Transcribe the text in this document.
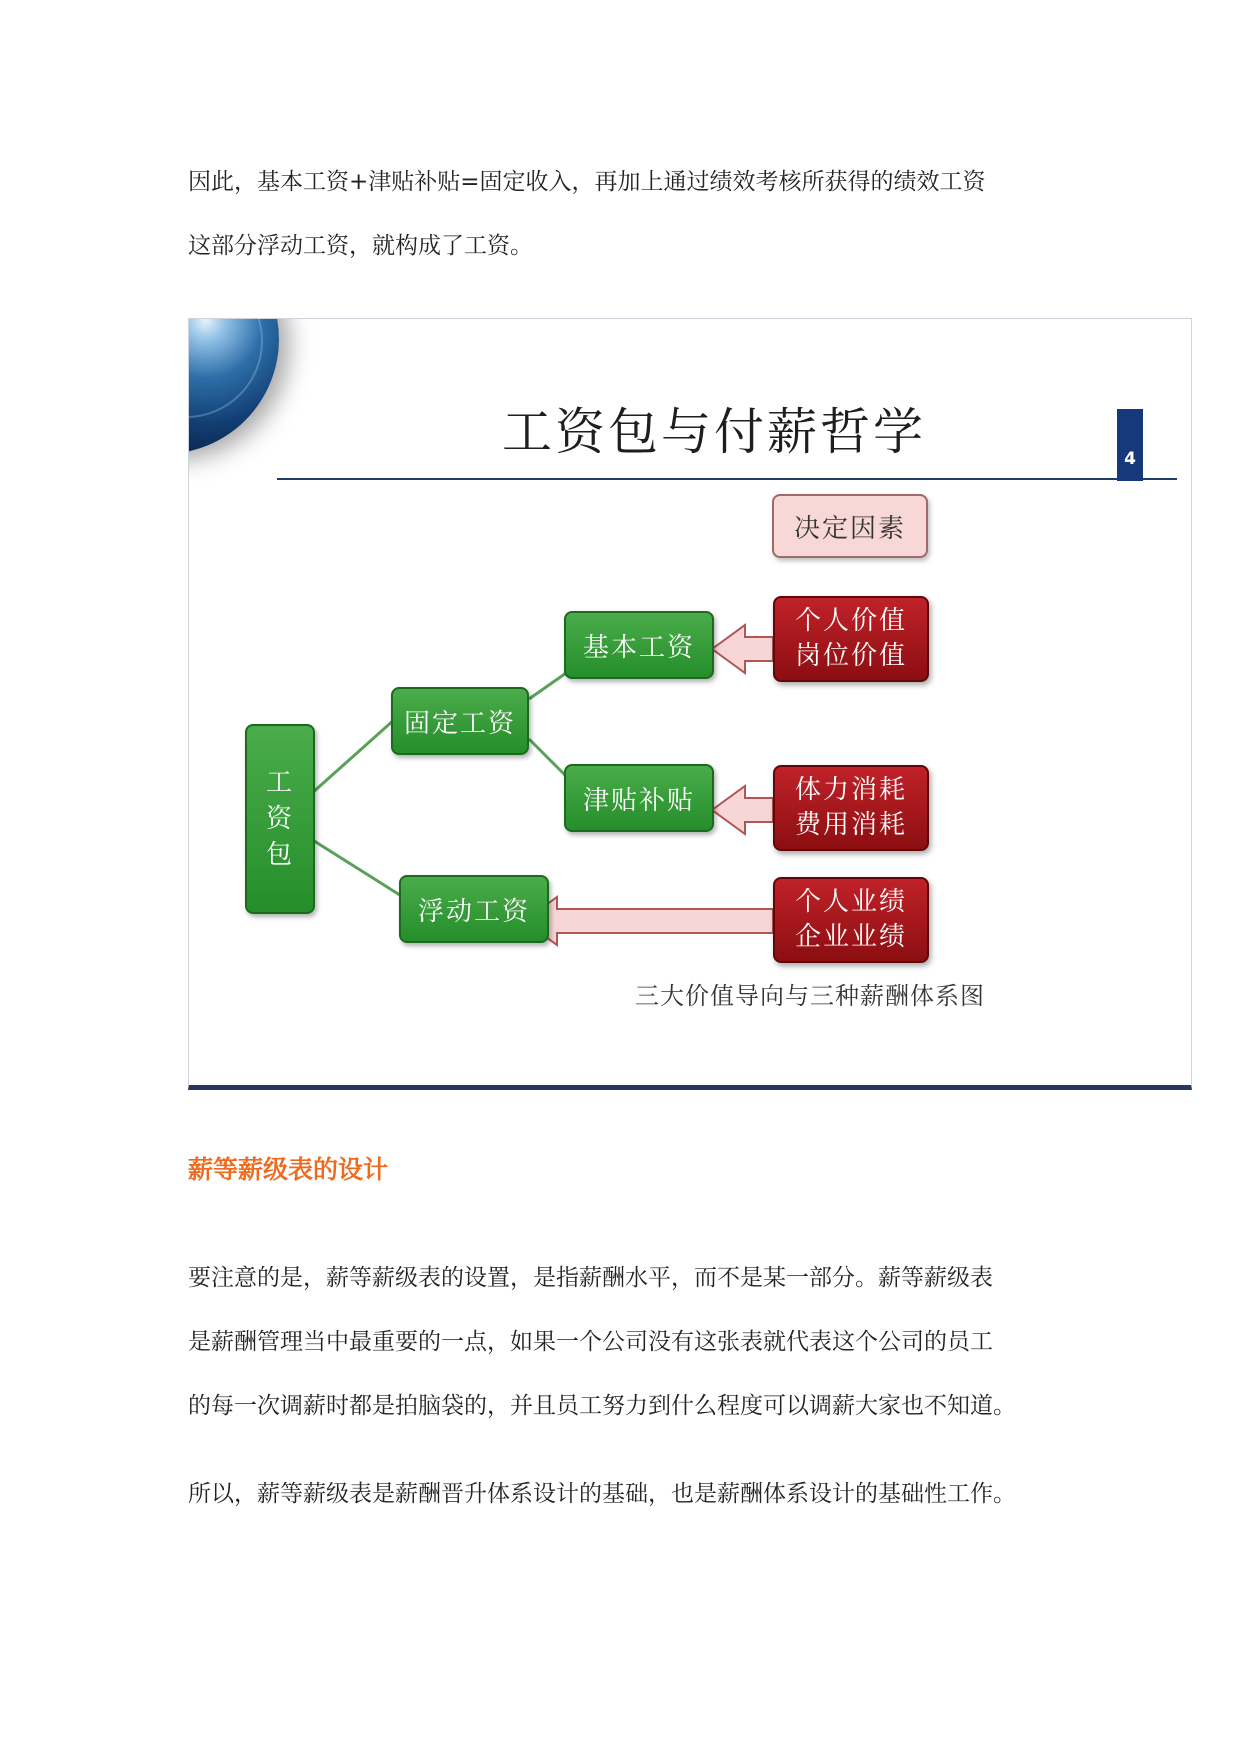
因此，基本工资+津贴补贴=固定收入，再加上通过绩效考核所获得的绩效工资

这部分浮动工资，就构成了工资。

工资包与付薪哲学	4
决定因素
工
资
包
固定工资
基本工资
津贴补贴
浮动工资
个人价值
岗位价值
体力消耗
费用消耗
个人业绩
企业业绩
三大价值导向与三种薪酬体系图
薪等薪级表的设计

要注意的是，薪等薪级表的设置，是指薪酬水平，而不是某一部分。薪等薪级表

是薪酬管理当中最重要的一点，如果一个公司没有这张表就代表这个公司的员工

的每一次调薪时都是拍脑袋的，并且员工努力到什么程度可以调薪大家也不知道。

所以，薪等薪级表是薪酬晋升体系设计的基础，也是薪酬体系设计的基础性工作。
